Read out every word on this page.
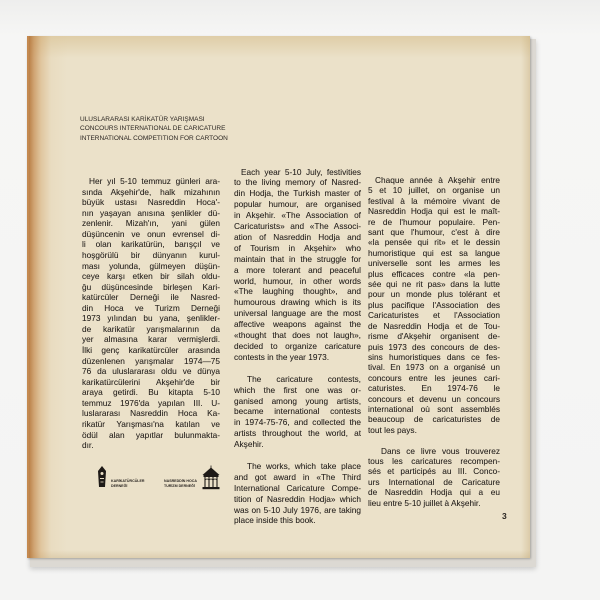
ULUSLARARASI KARİKATÜR YARIŞMASI
CONCOURS INTERNATIONAL DE CARICATURE
INTERNATIONAL COMPETITION FOR CARTOON
Her yıl 5-10 temmuz günleri ara-
sında Akşehir'de, halk mizahının
büyük ustası Nasreddin Hoca'-
nın yaşayan anısına şenlikler dü-
zenlenir. Mizah'ın, yani gülen
düşüncenin ve onun evrensel di-
li olan karikatürün, barışçıl ve
hoşgörülü bir dünyanın kurul-
ması yolunda, gülmeyen düşün-
ceye karşı etken bir silah oldu-
ğu düşüncesinde birleşen Kari-
katürcüler Derneği ile Nasred-
din Hoca ve Turizm Derneği
1973 yılından bu yana, şenlikler-
de karikatür yarışmalarının da
yer almasına karar vermişlerdi.
İlki genç karikatürcüler arasında
düzenlenen yarışmalar 1974—75
76 da uluslararası oldu ve dünya
karikatürcülerini Akşehir'de bir
araya getirdi. Bu kitapta 5-10
temmuz 1976'da yapılan III. U-
luslararası Nasreddin Hoca Ka-
rikatür Yarışması'na katılan ve
ödül alan yapıtlar bulunmakta-
dır.
Each year 5-10 July, festivities
to the living memory of Nasred-
din Hodja, the Turkish master of
popular humour, are organised
in Akşehir. «The Association of
Caricaturists» and «The Associ-
ation of Nasreddin Hodja and
of Tourism in Akşehir» who
maintain that in the struggle for
a more tolerant and peaceful
world, humour, in other words
«The laughing thought», and
humourous drawing which is its
universal language are the most
affective weapons against the
«thought that does not laugh»,
decided to organize caricature
contests in the year 1973.
The caricature contests,
which the first one was or-
ganised among young artists,
became international contests
in 1974-75-76, and collected the
artists throughout the world, at
Akşehir.
The works, which take place
and got award in «The Third
International Caricature Compe-
tition of Nasreddin Hodja» which
was on 5-10 July 1976, are taking
place inside this book.
Chaque année à Akşehir entre
5 et 10 juillet, on organise un
festival à la mémoire vivant de
Nasreddin Hodja qui est le maît-
re de l'humour populaire. Pen-
sant que l'humour, c'est à dire
«la pensée qui rit» et le dessin
humoristique qui est sa langue
universelle sont les armes les
plus efficaces contre «la pen-
sée qui ne rit pas» dans la lutte
pour un monde plus tolérant et
plus pacifique l'Association des
Caricaturistes et l'Association
de Nasreddin Hodja et de Tou-
risme d'Akşehir organisent de-
puis 1973 des concours de des-
sins humoristiques dans ce fes-
tival. En 1973 on a organisé un
concours entre les jeunes cari-
caturistes. En 1974-76 le
concours et devenu un concours
international où sont assemblés
beaucoup de caricaturistes de
tout les pays.
Dans ce livre vous trouverez
tous les caricatures recompen-
sés et participés au III. Conco-
urs International de Caricature
de Nasreddin Hodja qui a eu
lieu entre 5-10 juillet à Akşehir.
KARİKATÜRCÜLER
DERNEĞİ
NASREDDİN HOCA
TURİZM DERNEĞİ
3
